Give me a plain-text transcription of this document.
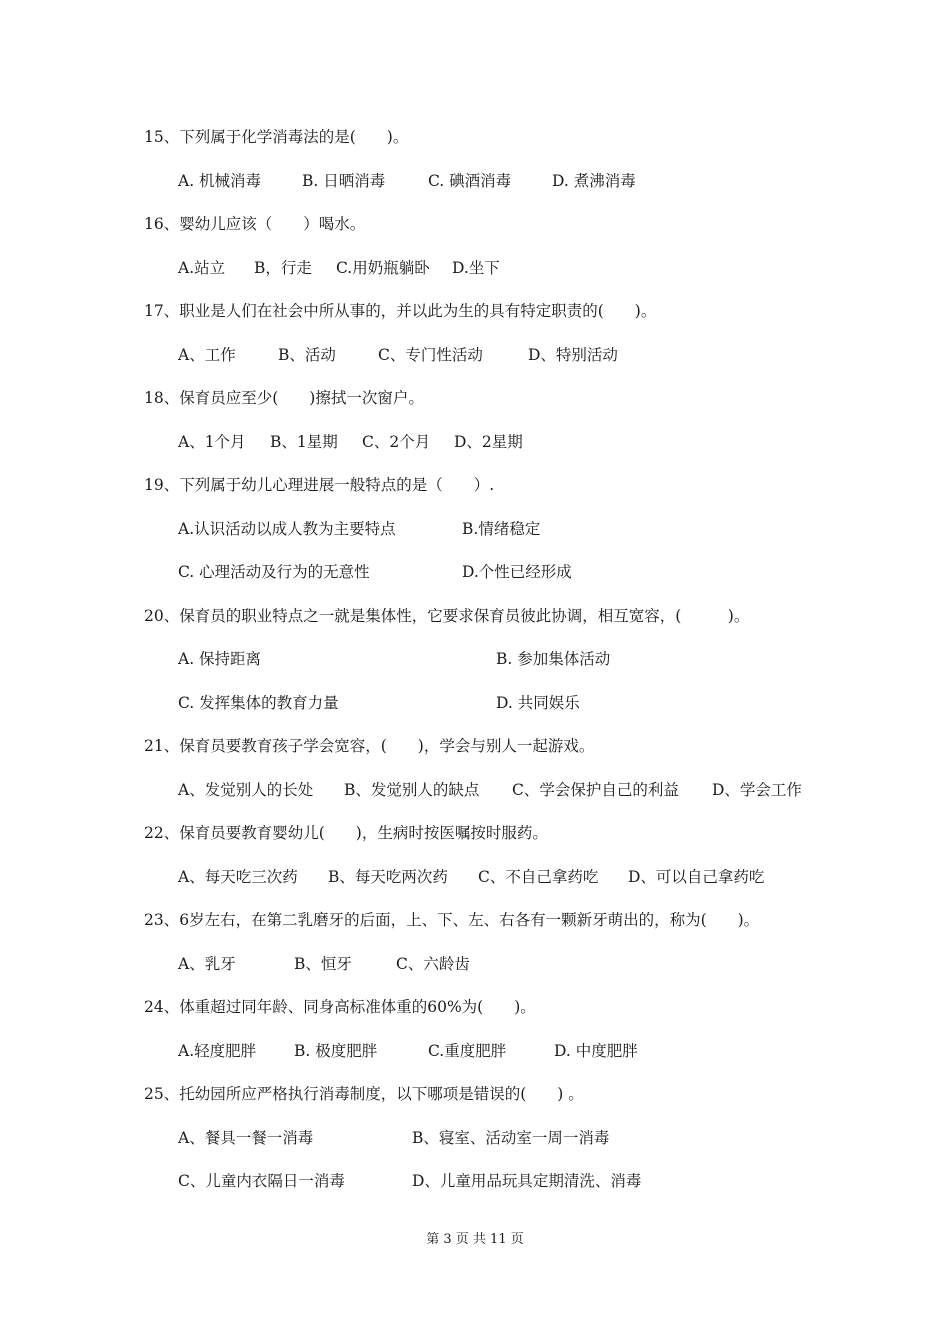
15、下列属于化学消毒法的是(　　)。
A. 机械消毒	B. 日晒消毒	C. 碘酒消毒	D. 煮沸消毒
16、婴幼儿应该（　　）喝水。
A.站立 B，行走 C.用奶瓶躺卧 D.坐下
17、职业是人们在社会中所从事的，并以此为生的具有特定职责的(　　)。
A、工作	B、活动	C、专门性活动	D、特别活动
18、保育员应至少(　　)擦拭一次窗户。
A、1个月 B、1星期 C、2个月 D、2星期
19、下列属于幼儿心理进展一般特点的是（　　）.
A.认识活动以成人教为主要特点	B.情绪稳定
C. 心理活动及行为的无意性	D.个性已经形成
20、保育员的职业特点之一就是集体性，它要求保育员彼此协调，相互宽容，(　　　)。
A. 保持距离	B. 参加集体活动
C. 发挥集体的教育力量	D. 共同娱乐
21、保育员要教育孩子学会宽容，(　　)，学会与别人一起游戏。
A、发觉别人的长处 B、发觉别人的缺点 C、学会保护自己的利益 D、学会工作
22、保育员要教育婴幼儿(　　)，生病时按医嘱按时服药。
A、每天吃三次药 B、每天吃两次药 C、不自己拿药吃 D、可以自己拿药吃
23、6岁左右，在第二乳磨牙的后面，上、下、左、右各有一颗新牙萌出的，称为(　　)。
A、乳牙	B、恒牙	C、六龄齿
24、体重超过同年龄、同身高标准体重的60%为(　　)。
A.轻度肥胖 B. 极度肥胖	C.重度肥胖	D. 中度肥胖
25、托幼园所应严格执行消毒制度，以下哪项是错误的(　　) 。
A、餐具一餐一消毒	B、寝室、活动室一周一消毒
C、儿童内衣隔日一消毒	D、儿童用品玩具定期清洗、消毒
第 3 页 共 11 页
